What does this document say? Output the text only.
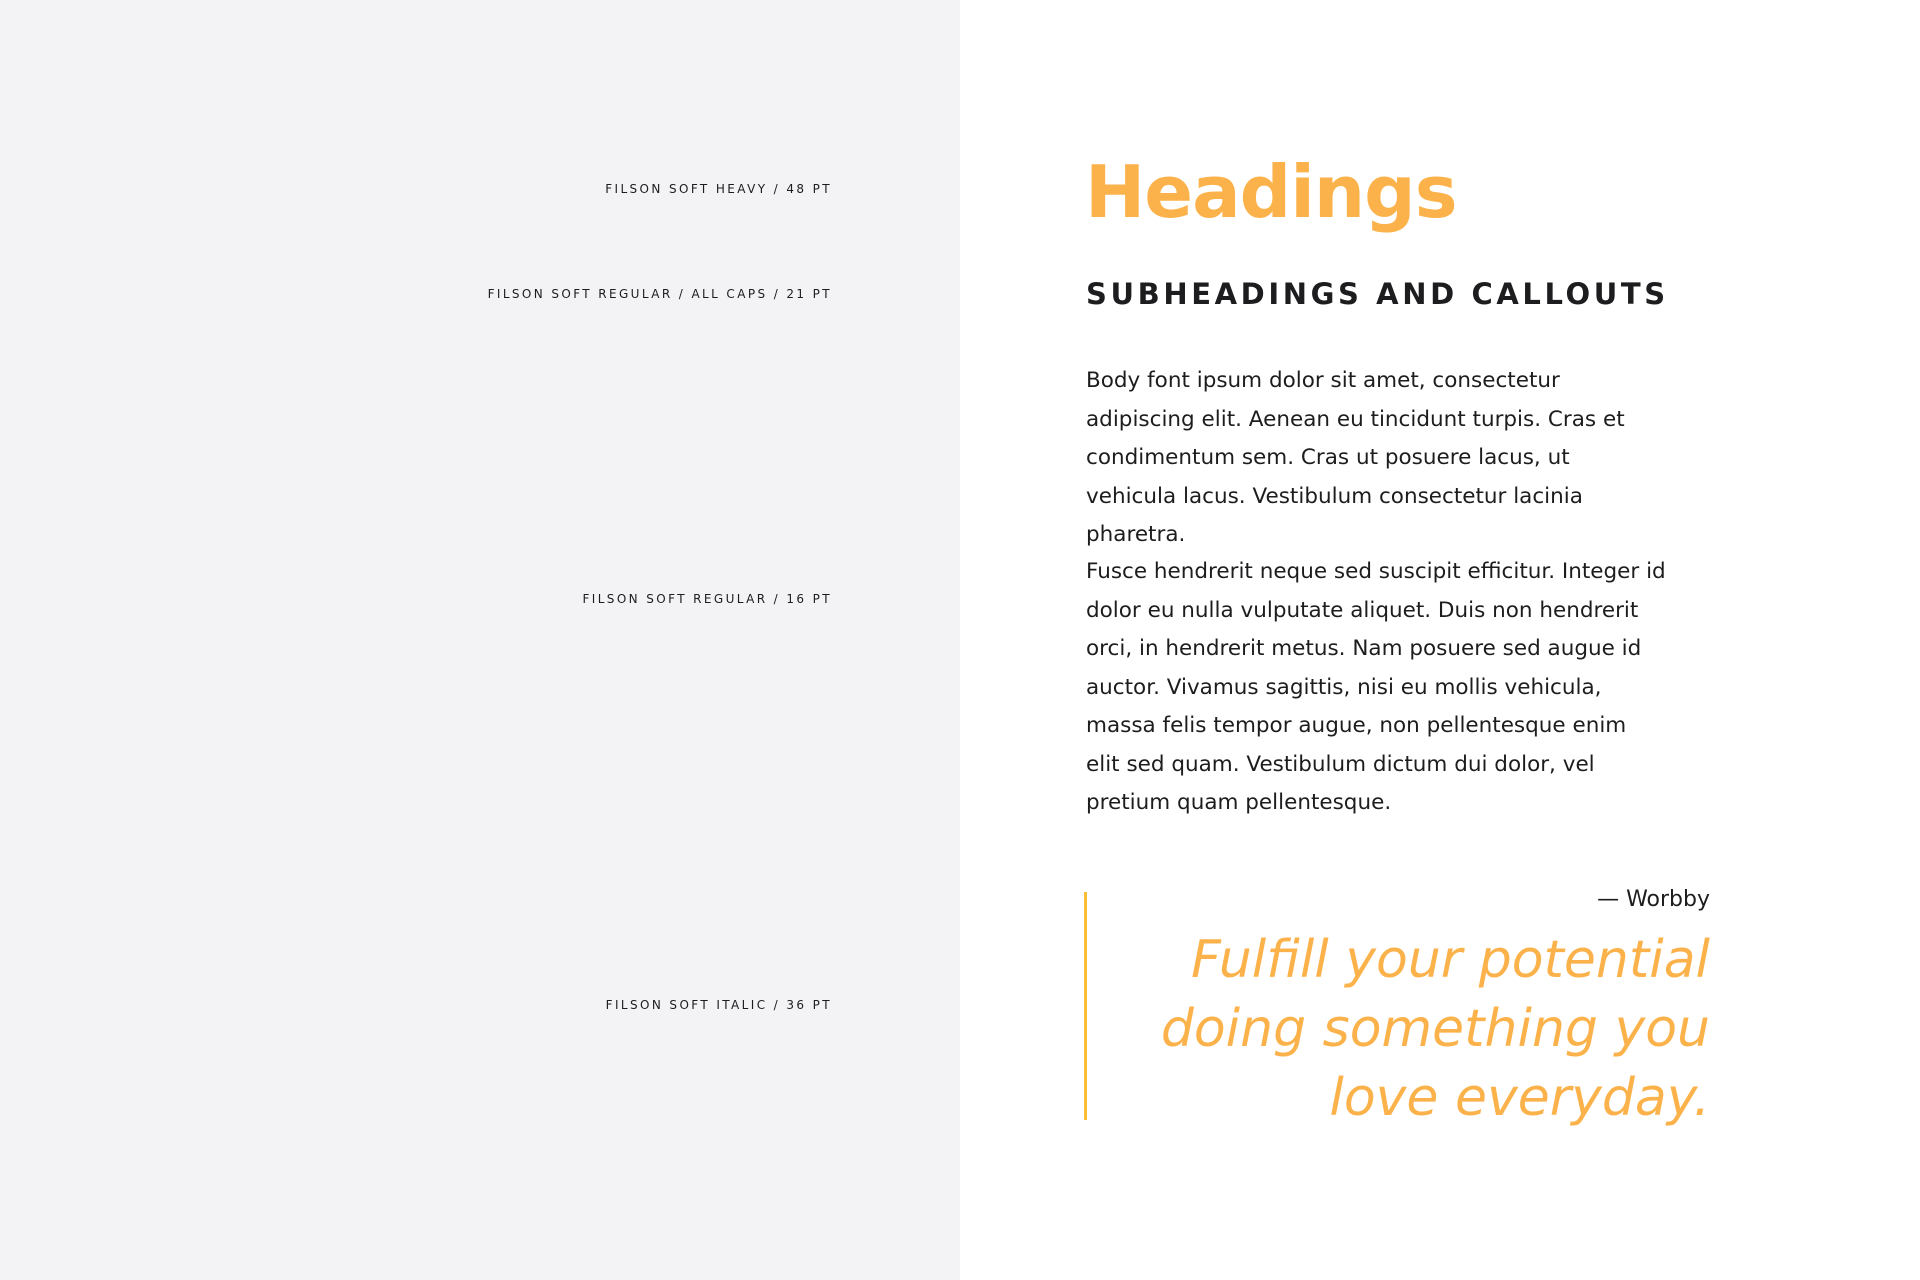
FILSON SOFT HEAVY / 48 PT
FILSON SOFT REGULAR / ALL CAPS / 21 PT
FILSON SOFT REGULAR / 16 PT
FILSON SOFT ITALIC / 36 PT
Headings
SUBHEADINGS AND CALLOUTS

Body font ipsum dolor sit amet, consectetur adipiscing elit. Aenean eu tincidunt turpis. Cras et condimentum sem. Cras ut posuere lacus, ut vehicula lacus. Vestibulum consectetur lacinia pharetra.

Fusce hendrerit neque sed suscipit efficitur. Integer id dolor eu nulla vulputate aliquet. Duis non hendrerit orci, in hendrerit metus. Nam posuere sed augue id auctor. Vivamus sagittis, nisi eu mollis vehicula, massa felis tempor augue, non pellentesque enim elit sed quam. Vestibulum dictum dui dolor, vel pretium quam pellentesque.

— Worbby
Fulfill your potential doing something you love everyday.
